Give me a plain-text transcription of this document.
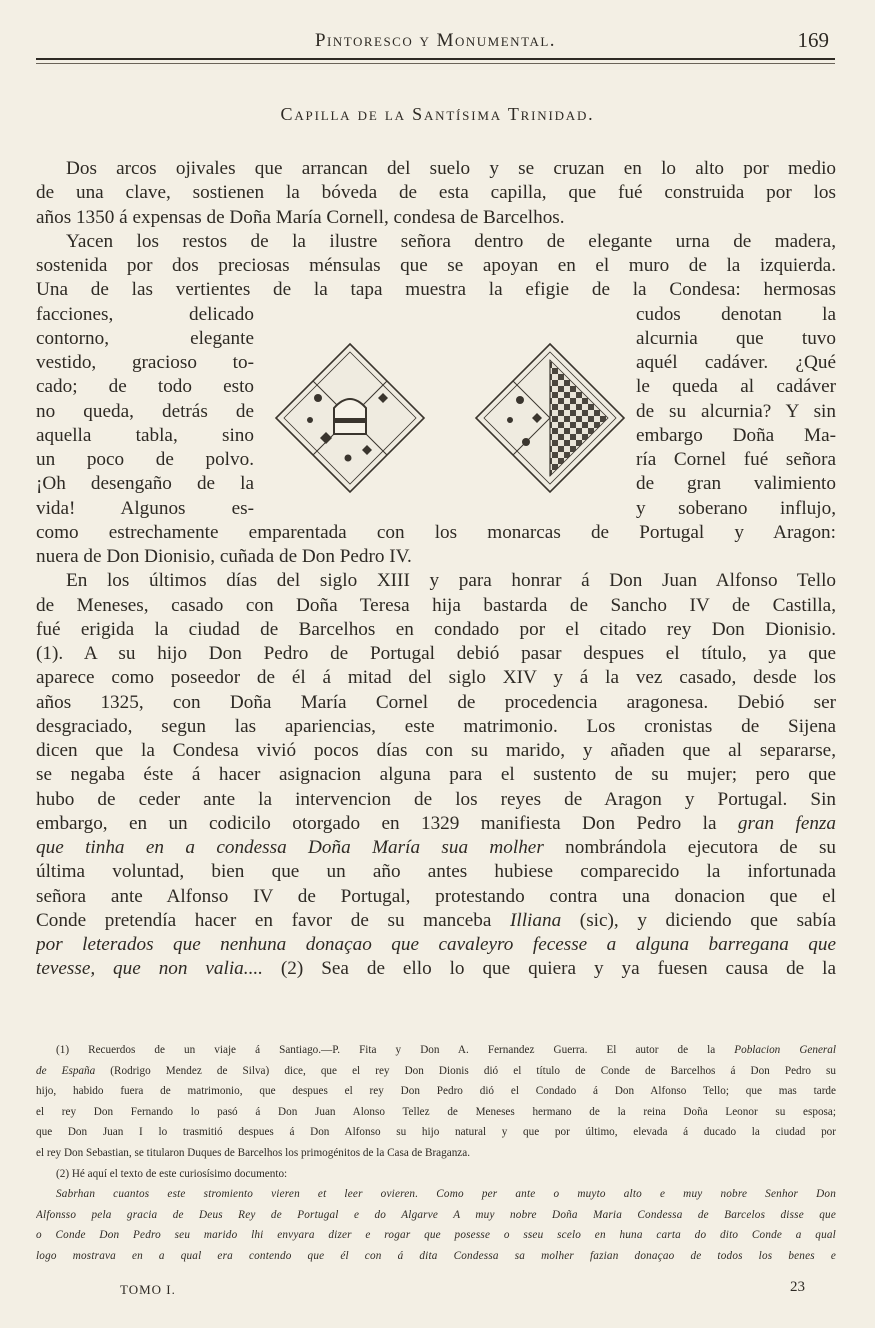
Pintoresco y Monumental.	169
Capilla de la Santísima Trinidad.
Dos arcos ojivales que arrancan del suelo y se cruzan en lo alto por medio
de una clave, sostienen la bóveda de esta capilla, que fué construida por los
años 1350 á expensas de Doña María Cornell, condesa de Barcelhos.
Yacen los restos de la ilustre señora dentro de elegante urna de madera,
sostenida por dos preciosas ménsulas que se apoyan en el muro de la izquierda.
Una de las vertientes de la tapa muestra la efigie de la Condesa: hermosas
facciones, delicado
contorno, elegante
vestido, gracioso to-
cado; de todo esto
no queda, detrás de
aquella tabla, sino
un poco de polvo.
¡Oh desengaño de la
vida! Algunos es-
cudos denotan la
alcurnia que tuvo
aquél cadáver. ¿Qué
le queda al cadáver
de su alcurnia? Y sin
embargo Doña Ma-
ría Cornel fué señora
de gran valimiento
y soberano influjo,
como estrechamente emparentada con los monarcas de Portugal y Aragon:
nuera de Don Dionisio, cuñada de Don Pedro IV.
En los últimos días del siglo XIII y para honrar á Don Juan Alfonso Tello
de Meneses, casado con Doña Teresa hija bastarda de Sancho IV de Castilla,
fué erigida la ciudad de Barcelhos en condado por el citado rey Don Dionisio.
(1). A su hijo Don Pedro de Portugal debió pasar despues el título, ya que
aparece como poseedor de él á mitad del siglo XIV y á la vez casado, desde los
años 1325, con Doña María Cornel de procedencia aragonesa. Debió ser
desgraciado, segun las apariencias, este matrimonio. Los cronistas de Sijena
dicen que la Condesa vivió pocos días con su marido, y añaden que al separarse,
se negaba éste á hacer asignacion alguna para el sustento de su mujer; pero que
hubo de ceder ante la intervencion de los reyes de Aragon y Portugal. Sin
embargo, en un codicilo otorgado en 1329 manifiesta Don Pedro la gran fenza
que tinha en a condessa Doña María sua molher nombrándola ejecutora de su
última voluntad, bien que un año antes hubiese comparecido la infortunada
señora ante Alfonso IV de Portugal, protestando contra una donacion que el
Conde pretendía hacer en favor de su manceba Illiana (sic), y diciendo que sabía
por leterados que nenhuna donaçao que cavaleyro fecesse a alguna barregana que
tevesse, que non valia.... (2) Sea de ello lo que quiera y ya fuesen causa de la
(1) Recuerdos de un viaje á Santiago.—P. Fita y Don A. Fernandez Guerra. El autor de la Poblacion General
de España (Rodrigo Mendez de Silva) dice, que el rey Don Dionis dió el título de Conde de Barcelhos á Don Pedro su
hijo, habido fuera de matrimonio, que despues el rey Don Pedro dió el Condado á Don Alfonso Tello; que mas tarde
el rey Don Fernando lo pasó á Don Juan Alonso Tellez de Meneses hermano de la reina Doña Leonor su esposa;
que Don Juan I lo trasmitió despues á Don Alfonso su hijo natural y que por último, elevada á ducado la ciudad por
el rey Don Sebastian, se titularon Duques de Barcelhos los primogénitos de la Casa de Braganza.
(2) Hé aquí el texto de este curiosísimo documento:
Sabrhan cuantos este stromiento vieren et leer ovieren. Como per ante o muyto alto e muy nobre Senhor Don
Alfonsso pela gracia de Deus Rey de Portugal e do Algarve A muy nobre Doña Maria Condessa de Barcelos disse que
o Conde Don Pedro seu marido lhi envyara dizer e rogar que posesse o sseu scelo en huna carta do dito Conde a qual
logo mostrava en a qual era contendo que él con á dita Condessa sa molher fazian donaçao de todos los benes e
TOMO I.	23
